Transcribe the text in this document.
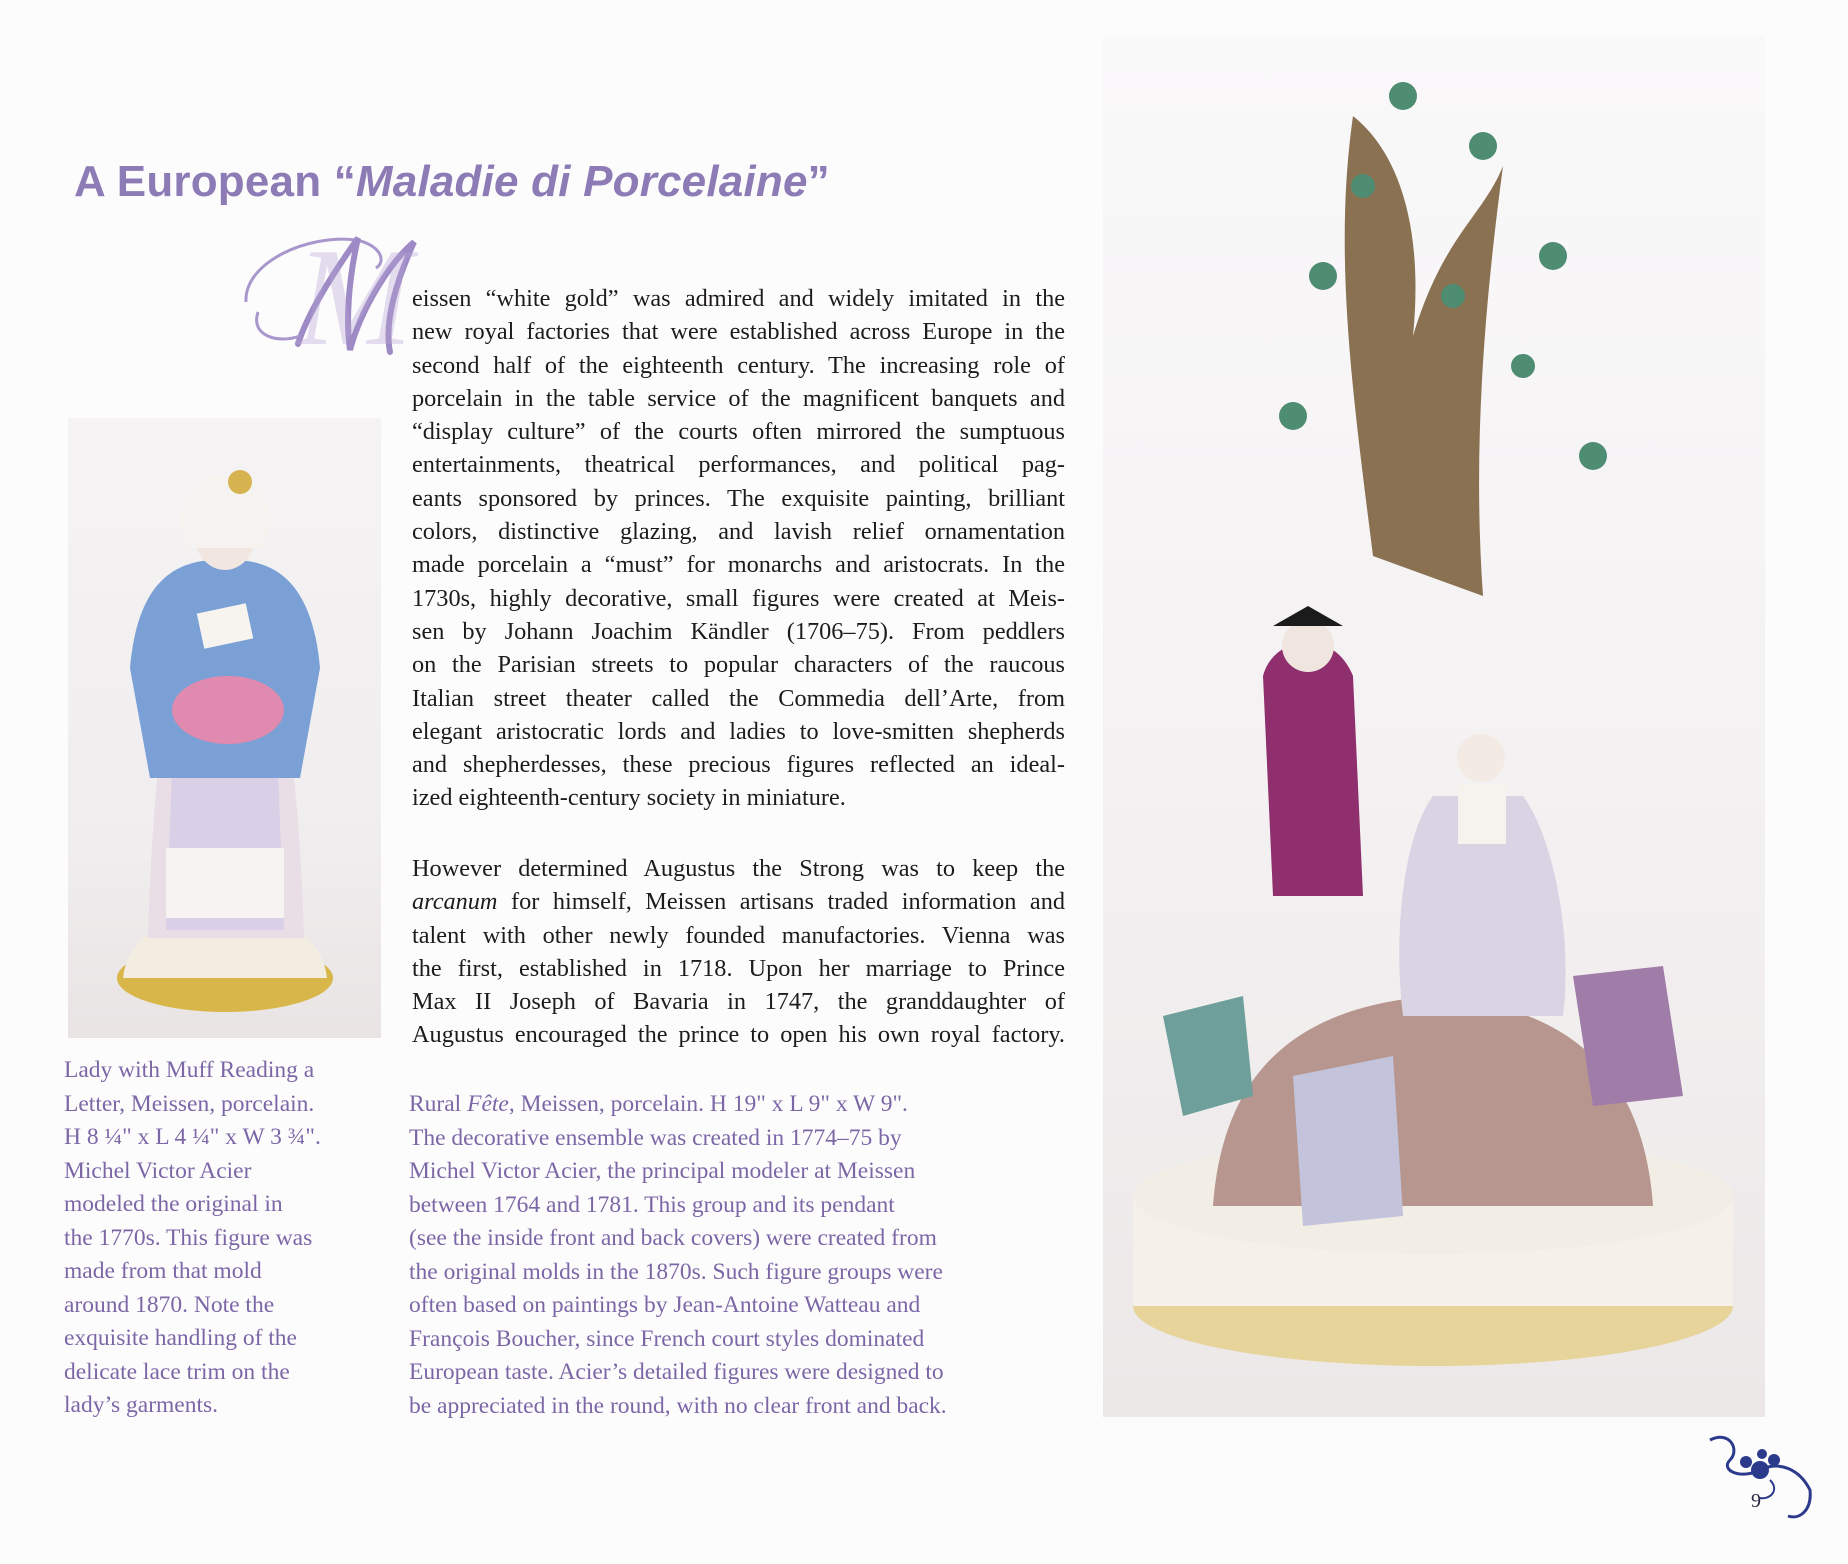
A European “Maladie di Porcelaine”
M eissen “white gold” was admired and widely imitated in the
new royal factories that were established across Europe in the
second half of the eighteenth century. The increasing role of
porcelain in the table service of the magnificent banquets and
“display culture” of the courts often mirrored the sumptuous
entertainments, theatrical performances, and political pag-
eants sponsored by princes. The exquisite painting, brilliant
colors, distinctive glazing, and lavish relief ornamentation
made porcelain a “must” for monarchs and aristocrats. In the
1730s, highly decorative, small figures were created at Meis-
sen by Johann Joachim Kändler (1706–75). From peddlers
on the Parisian streets to popular characters of the raucous
Italian street theater called the Commedia dell’Arte, from
elegant aristocratic lords and ladies to love-smitten shepherds
and shepherdesses, these precious figures reflected an ideal-
ized eighteenth-century society in miniature.
However determined Augustus the Strong was to keep the
arcanum for himself, Meissen artisans traded information and
talent with other newly founded manufactories. Vienna was
the first, established in 1718. Upon her marriage to Prince
Max II Joseph of Bavaria in 1747, the granddaughter of
Augustus encouraged the prince to open his own royal factory.
Lady with Muff Reading a
Letter, Meissen, porcelain.
H 8 ¼" x L 4 ¼" x W 3 ¾".
Michel Victor Acier
modeled the original in
the 1770s. This figure was
made from that mold
around 1870. Note the
exquisite handling of the
delicate lace trim on the
lady’s garments.
Rural Fête, Meissen, porcelain. H 19" x L 9" x W 9".
The decorative ensemble was created in 1774–75 by
Michel Victor Acier, the principal modeler at Meissen
between 1764 and 1781. This group and its pendant
(see the inside front and back covers) were created from
the original molds in the 1870s. Such figure groups were
often based on paintings by Jean-Antoine Watteau and
François Boucher, since French court styles dominated
European taste. Acier’s detailed figures were designed to
be appreciated in the round, with no clear front and back.
9
